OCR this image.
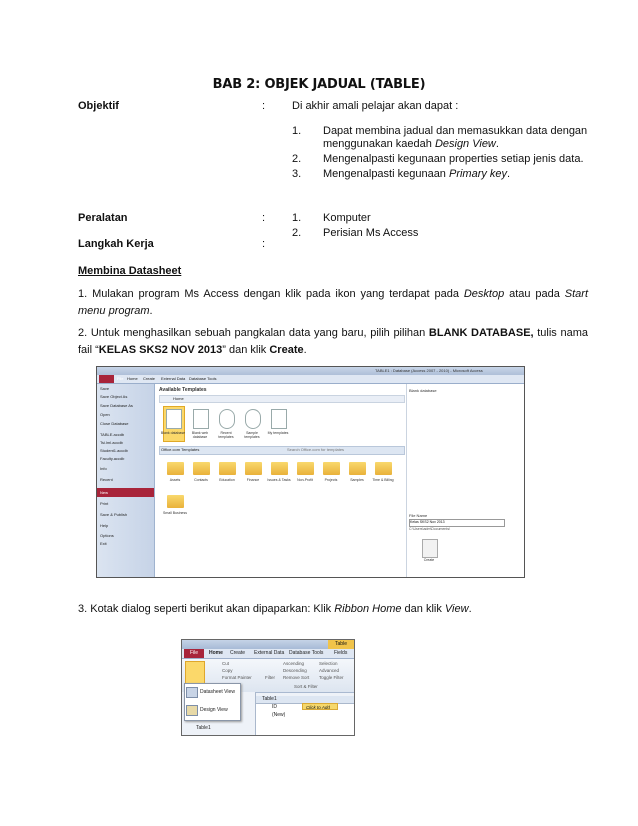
BAB 2: OBJEK JADUAL (TABLE)
Objektif	: Di akhir amali pelajar akan dapat :
1. Dapat membina jadual dan memasukkan data dengan menggunakan kaedah Design View.
2. Mengenalpasti kegunaan properties setiap jenis data.
3. Mengenalpasti kegunaan Primary key.
Peralatan	: 1. Komputer
2. Perisian Ms Access
Langkah Kerja	:
Membina Datasheet
1. Mulakan program Ms Access dengan klik pada ikon yang terdapat pada Desktop atau pada Start menu program.
2. Untuk menghasilkan sebuah pangkalan data yang baru, pilih pilihan BLANK DATABASE, tulis nama fail “KELAS SKS2 NOV 2013” dan klik Create.
TABLE1 : Database (Access 2007 - 2010) - Microsoft Access
File Home Create External Data Database Tools
Save
Save Object As
Save Database As
Open
Close Database
TABLE.accdb
Tsi.lml.accdb
Student1.accdb
Faculty.accdb
Info
Recent
New
Print
Save & Publish
Help
Options
Exit
Available Templates
Home
Blank database	Blank web database
Recent templates
Sample templates
My templates
Office.com Templates	Search Office.com for templates
Assets	Contacts	Education	Finance	Issues & Tasks	Non-Profit	Projects	Samples	Time & Billing
Small Business
Blank database
File Name
Kelas SKS2 Nov 2013
C:\Users\adm\Documents\
Create
3. Kotak dialog seperti berikut akan dipaparkan: Klik Ribbon Home dan klik View.
Table
File	Home Create External Data Database Tools Fields
Cut
Copy
Format Painter	Filter
Ascending
Descending
Remove Sort
Selection
Advanced
Toggle Filter
Sort & Filter
Table1
Table1
ID	Click to Add
(New)
Datasheet View
Design View
